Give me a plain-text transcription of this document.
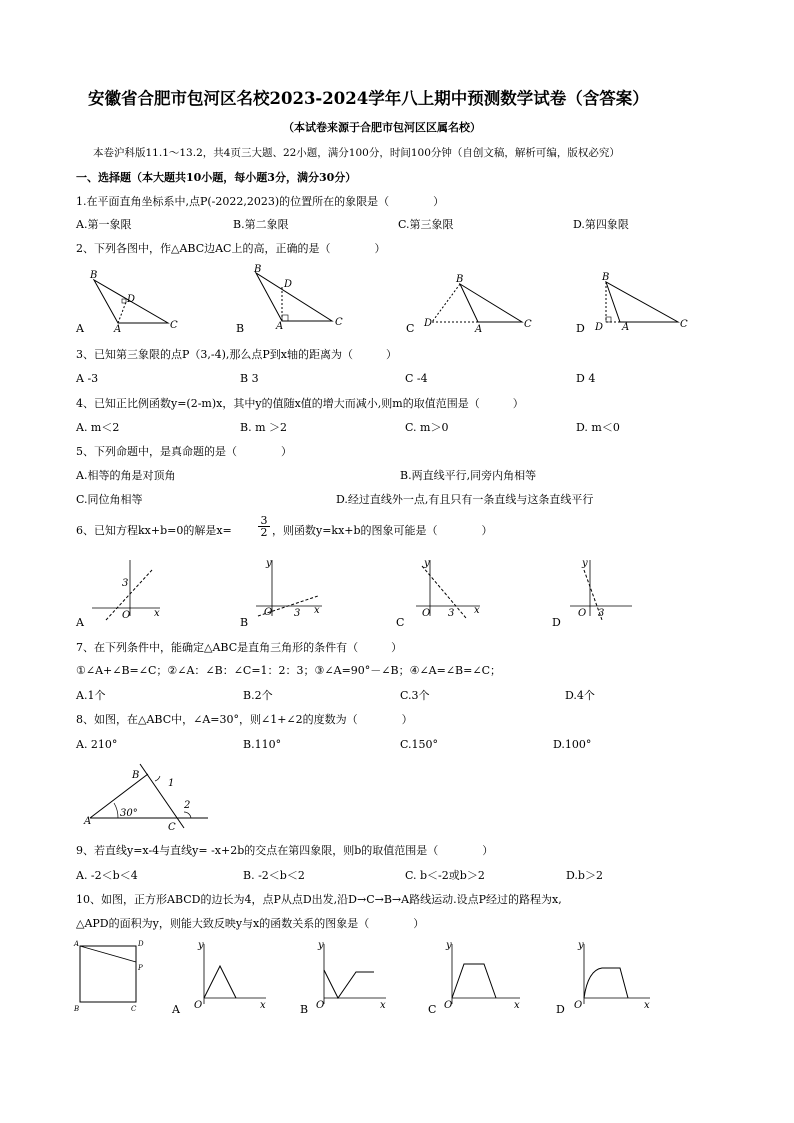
安徽省合肥市包河区名校2023-2024学年八上期中预测数学试卷（含答案）
（本试卷来源于合肥市包河区区属名校）
本卷沪科版11.1～13.2，共4页三大题、22小题，满分100分，时间100分钟（自创文稿，解析可编，版权必究）
一、选择题（本大题共10小题，每小题3分，满分30分）
1.在平面直角坐标系中,点P(-2022,2023)的位置所在的象限是（　　　　）
A.第一象限	B.第二象限	C.第三象限	D.第四象限
2、下列各图中，作△ABC边AC上的高，正确的是（　　　　）
B
D
A	C
A
B
D
A	C
B
B
D
A	C
C
B
D A	C
D
3、已知第三象限的点P（3,-4),那么点P到x轴的距离为（　　　）
A -3	B 3	C -4	D 4
4、已知正比例函数y=(2-m)x，其中y的值随x值的增大而减小,则m的取值范围是（　　　）
A. m＜2	B. m ＞2	C. m＞0	D. m＜0
5、下列命题中，是真命题的是（　　　　）
A.相等的角是对顶角	B.两直线平行,同旁内角相等
C.同位角相等	D.经过直线外一点,有且只有一条直线与这条直线平行
6、已知方程kx+b=0的解是x=
3
2 ，则函数y=kx+b的图象可能是（　　　　）
3
O x
A
y
O 3 x
B
y
O 3 x
C
y
O 3
D
7、在下列条件中，能确定△ABC是直角三角形的条件有（　　　）
①∠A+∠B=∠C；②∠A：∠B：∠C=1：2：3；③∠A=90°－∠B；④∠A=∠B=∠C；
A.1个	B.2个	C.3个	D.4个
8、如图，在△ABC中，∠A=30°，则∠1+∠2的度数为（　　　　）
A. 210°	B.110°	C.150°	D.100°
B
1
2
A
C
30°
9、若直线y=x-4与直线y= -x+2b的交点在第四象限，则b的取值范围是（　　　　）
A. -2＜b＜4	B. -2＜b＜2	C. b＜-2或b＞2	D.b＞2
10、如图，正方形ABCD的边长为4，点P从点D出发,沿D→C→B→A路线运动.设点P经过的路程为x,
△APD的面积为y，则能大致反映y与x的函数关系的图象是（　　　　）
A	D
P
B	C
y
O	x
A
y
O	x
B
y
O	x
C
y
O	x
D
